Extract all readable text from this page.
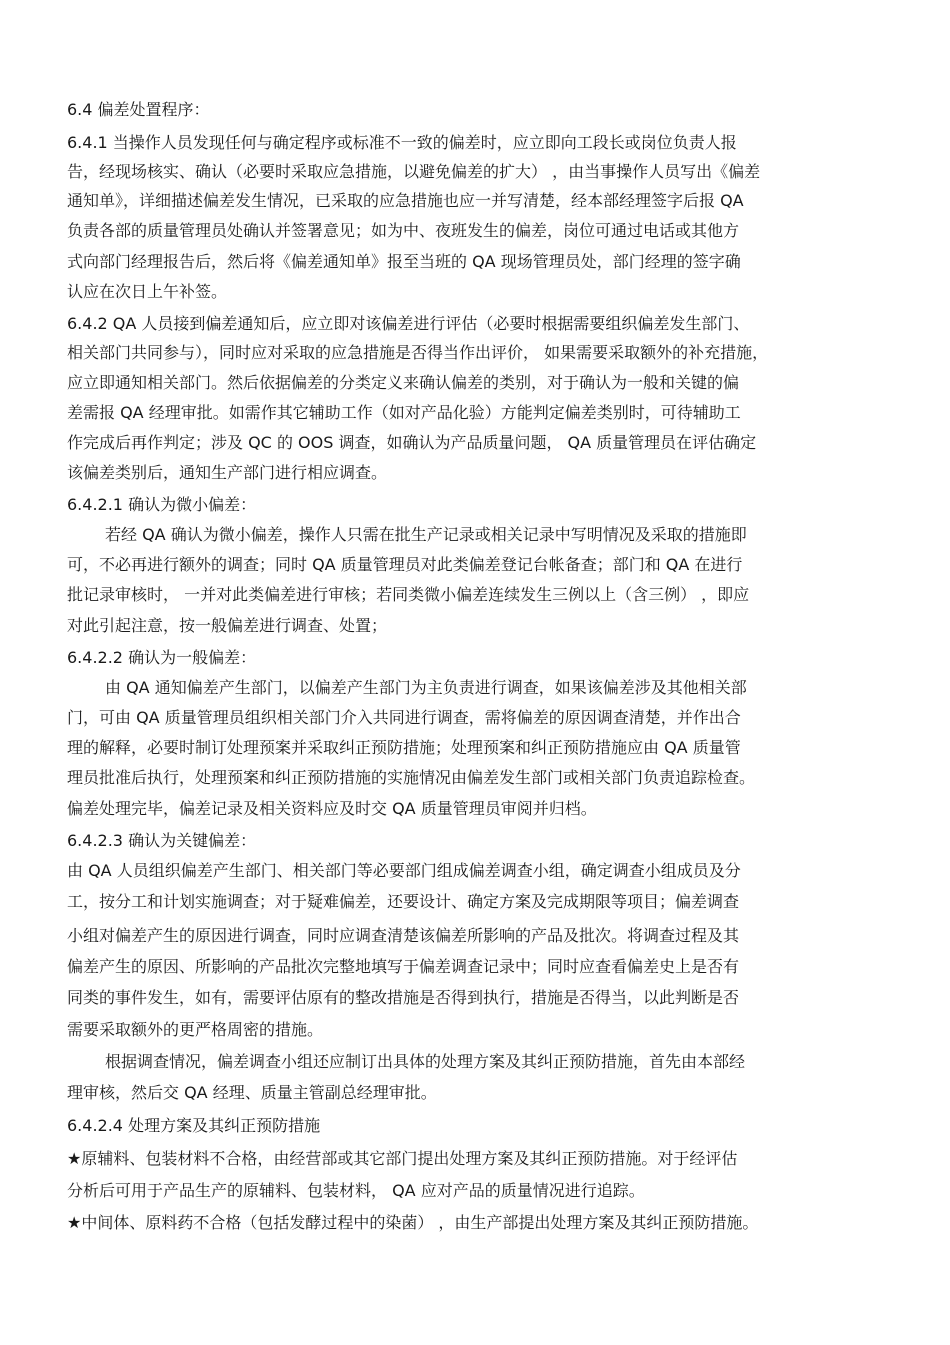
6.4 偏差处置程序：
6.4.1 当操作人员发现任何与确定程序或标准不一致的偏差时，应立即向工段长或岗位负责人报
告，经现场核实、确认（必要时采取应急措施，以避免偏差的扩大） ，由当事操作人员写出《偏差
通知单》，详细描述偏差发生情况，已采取的应急措施也应一并写清楚，经本部经理签字后报 QA
负责各部的质量管理员处确认并签署意见；如为中、夜班发生的偏差，岗位可通过电话或其他方
式向部门经理报告后，然后将《偏差通知单》报至当班的 QA 现场管理员处，部门经理的签字确
认应在次日上午补签。
6.4.2 QA 人员接到偏差通知后，应立即对该偏差进行评估（必要时根据需要组织偏差发生部门、
相关部门共同参与），同时应对采取的应急措施是否得当作出评价， 如果需要采取额外的补充措施，
应立即通知相关部门。然后依据偏差的分类定义来确认偏差的类别，对于确认为一般和关键的偏
差需报 QA 经理审批。如需作其它辅助工作（如对产品化验）方能判定偏差类别时，可待辅助工
作完成后再作判定；涉及 QC 的 OOS 调查，如确认为产品质量问题， QA 质量管理员在评估确定
该偏差类别后，通知生产部门进行相应调查。
6.4.2.1 确认为微小偏差：
若经 QA 确认为微小偏差，操作人只需在批生产记录或相关记录中写明情况及采取的措施即
可，不必再进行额外的调查；同时 QA 质量管理员对此类偏差登记台帐备查；部门和 QA 在进行
批记录审核时， 一并对此类偏差进行审核；若同类微小偏差连续发生三例以上（含三例） ，即应
对此引起注意，按一般偏差进行调查、处置；
6.4.2.2 确认为一般偏差：
由 QA 通知偏差产生部门，以偏差产生部门为主负责进行调查，如果该偏差涉及其他相关部
门，可由 QA 质量管理员组织相关部门介入共同进行调查，需将偏差的原因调查清楚，并作出合
理的解释，必要时制订处理预案并采取纠正预防措施；处理预案和纠正预防措施应由 QA 质量管
理员批准后执行，处理预案和纠正预防措施的实施情况由偏差发生部门或相关部门负责追踪检查。
偏差处理完毕，偏差记录及相关资料应及时交 QA 质量管理员审阅并归档。
6.4.2.3 确认为关键偏差：
由 QA 人员组织偏差产生部门、相关部门等必要部门组成偏差调查小组，确定调查小组成员及分
工，按分工和计划实施调查；对于疑难偏差，还要设计、确定方案及完成期限等项目；偏差调查
小组对偏差产生的原因进行调查，同时应调查清楚该偏差所影响的产品及批次。将调查过程及其
偏差产生的原因、所影响的产品批次完整地填写于偏差调查记录中；同时应查看偏差史上是否有
同类的事件发生，如有，需要评估原有的整改措施是否得到执行，措施是否得当，以此判断是否
需要采取额外的更严格周密的措施。
根据调查情况，偏差调查小组还应制订出具体的处理方案及其纠正预防措施，首先由本部经
理审核，然后交 QA 经理、质量主管副总经理审批。
6.4.2.4 处理方案及其纠正预防措施
★原辅料、包装材料不合格，由经营部或其它部门提出处理方案及其纠正预防措施。对于经评估
分析后可用于产品生产的原辅料、包装材料， QA 应对产品的质量情况进行追踪。
★中间体、原料药不合格（包括发酵过程中的染菌） ，由生产部提出处理方案及其纠正预防措施。
